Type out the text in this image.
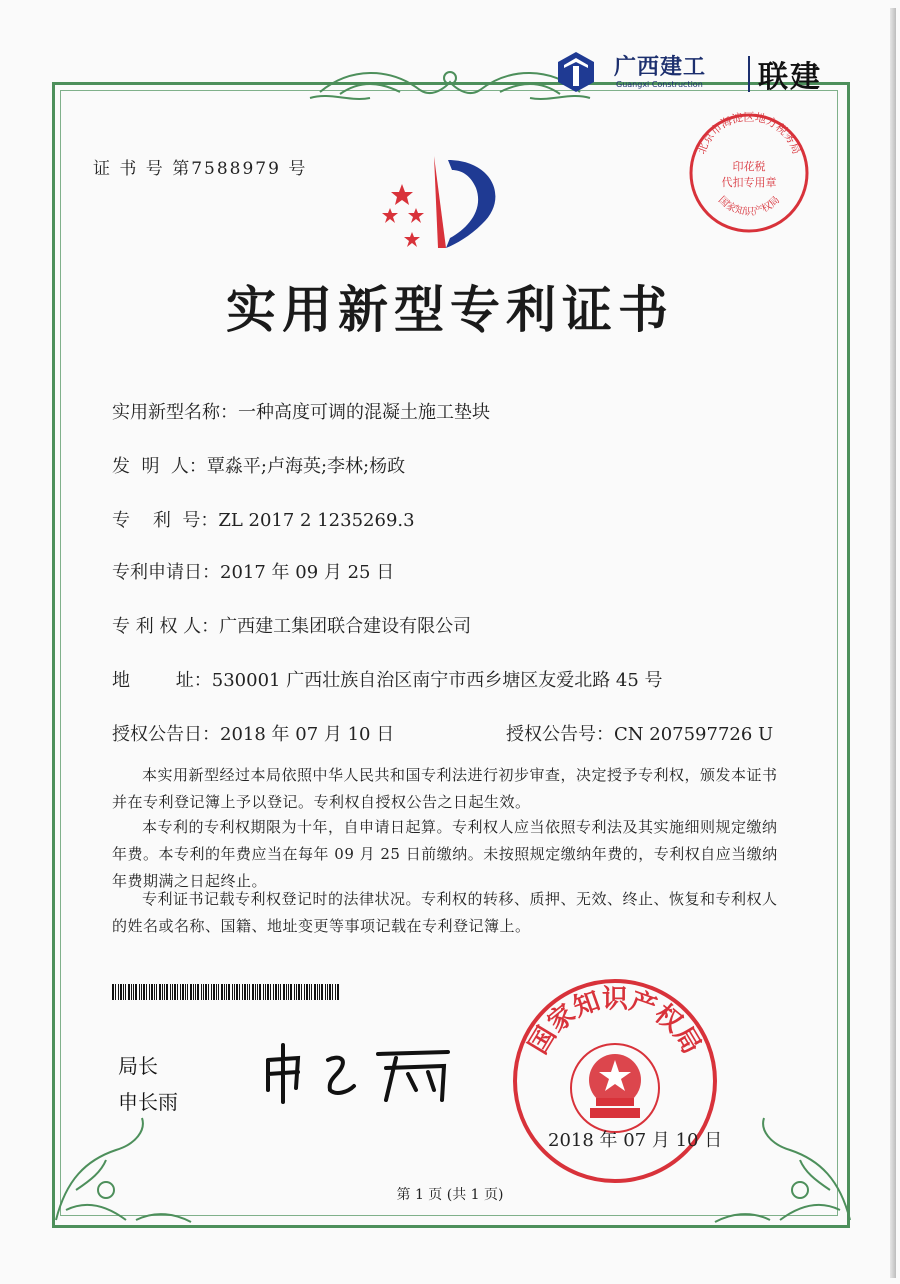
广西建工
Guangxi Construction 联建
北京市海淀区地方税务局
印花税
代扣专用章
国家知识产权局
证 书 号 第7588979 号
实用新型专利证书
实用新型名称：一种高度可调的混凝土施工垫块
发  明  人：覃淼平;卢海英;李林;杨政
专    利  号：ZL 2017 2 1235269.3
专利申请日：2017 年 09 月 25 日
专 利 权 人：广西建工集团联合建设有限公司
地        址：530001 广西壮族自治区南宁市西乡塘区友爱北路 45 号
授权公告日：2018 年 07 月 10 日	授权公告号：CN 207597726 U
本实用新型经过本局依照中华人民共和国专利法进行初步审查，决定授予专利权，颁发本证书并在专利登记簿上予以登记。专利权自授权公告之日起生效。
本专利的专利权期限为十年，自申请日起算。专利权人应当依照专利法及其实施细则规定缴纳年费。本专利的年费应当在每年 09 月 25 日前缴纳。未按照规定缴纳年费的，专利权自应当缴纳年费期满之日起终止。
专利证书记载专利权登记时的法律状况。专利权的转移、质押、无效、终止、恢复和专利权人的姓名或名称、国籍、地址变更等事项记载在专利登记簿上。
局长
申长雨
国家知识产权局
2018 年 07 月 10 日
第 1 页 (共 1 页)
